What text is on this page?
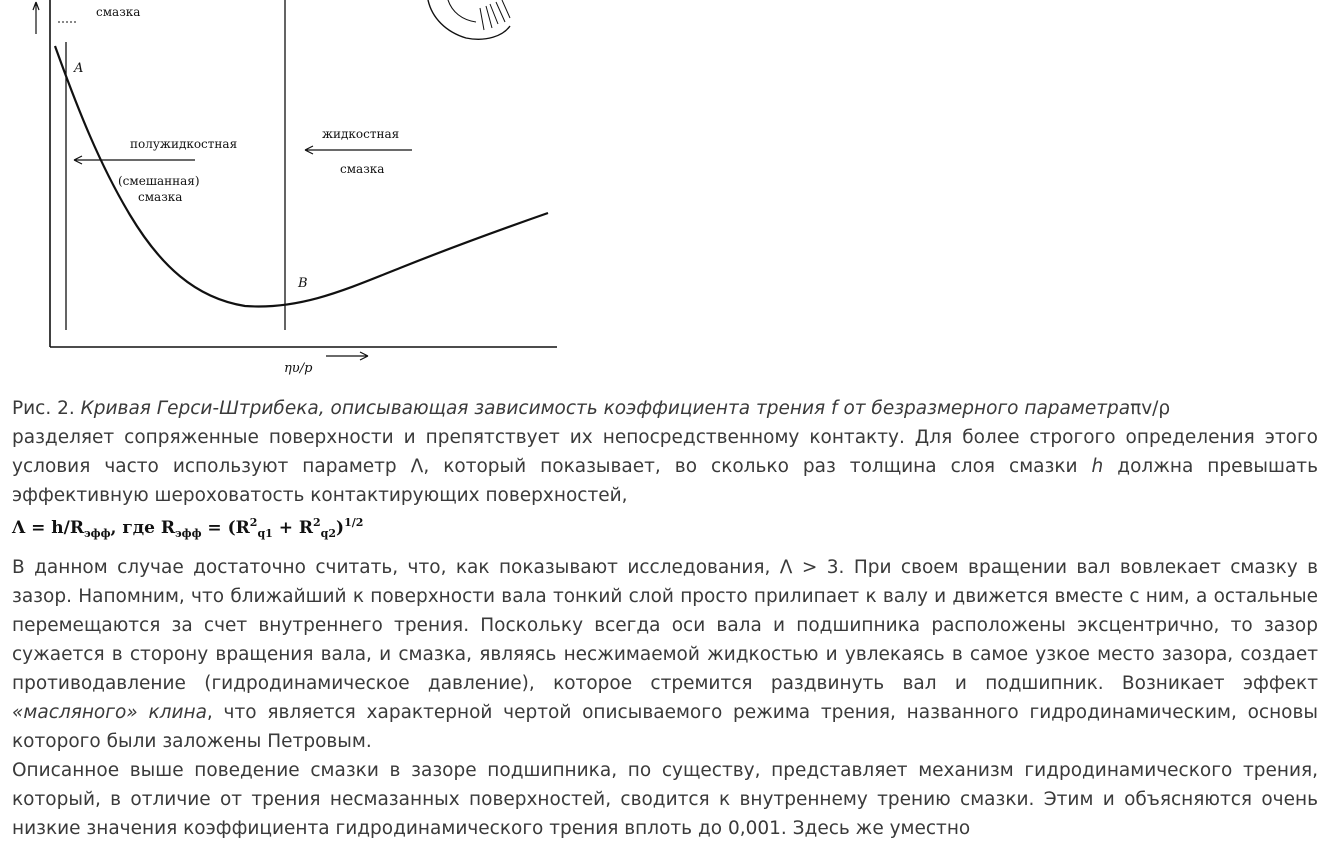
смазка
A
B
полужидкостная
(смешанная)
смазка
жидкостная
смазка
ηυ/p

Рис. 2. Кривая Герси-Штрибека, описывающая зависимость коэффициента трения f от безразмерного параметраπv/ρ

разделяет сопряженные поверхности и препятствует их непосредственному контакту. Для более строгого определения этого условия часто используют параметр Λ, который показывает, во сколько раз толщина слоя смазки h должна превышать эффективную шероховатость контактирующих поверхностей,

$\Lambda = h/R_{эфф}$, где $R_{эфф} = (R^2_{q1} + R^2_{q2})^{1/2}$

В данном случае достаточно считать, что, как показывают исследования, Λ > 3. При своем вращении вал вовлекает смазку в зазор. Напомним, что ближайший к поверхности вала тонкий слой просто прилипает к валу и движется вместе с ним, а остальные перемещаются за счет внутреннего трения. Поскольку всегда оси вала и подшипника расположены эксцентрично, то зазор сужается в сторону вращения вала, и смазка, являясь несжимаемой жидкостью и увлекаясь в самое узкое место зазора, создает противодавление (гидродинамическое давление), которое стремится раздвинуть вал и подшипник. Возникает эффект «масляного» клина, что является характерной чертой описываемого режима трения, названного гидродинамическим, основы которого были заложены Петровым.

Описанное выше поведение смазки в зазоре подшипника, по существу, представляет механизм гидродинамического трения, который, в отличие от трения несмазанных поверхностей, сводится к внутреннему трению смазки. Этим и объясняются очень низкие значения коэффициента гидродинамического трения вплоть до 0,001. Здесь же уместно
